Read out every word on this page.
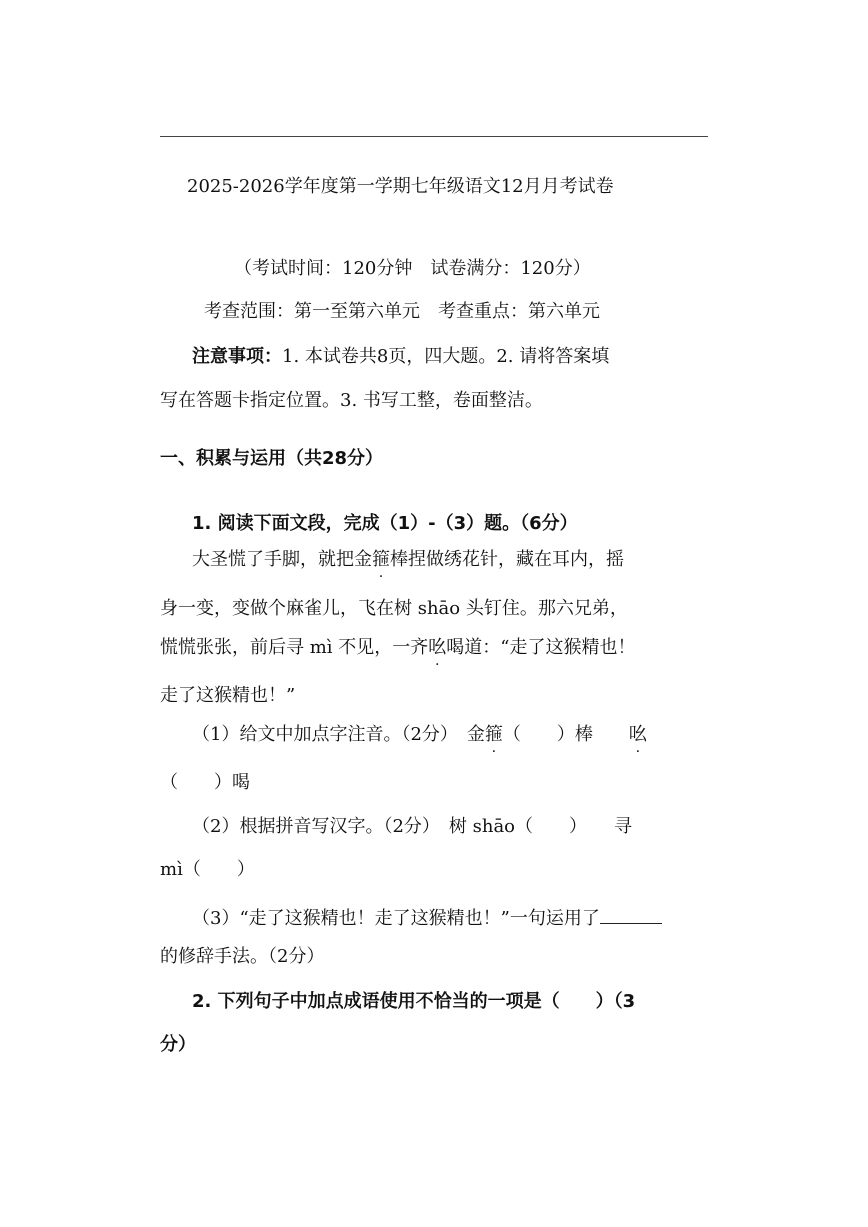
2025-2026学年度第一学期七年级语文12月月考试卷
（考试时间：120分钟　试卷满分：120分）
考查范围：第一至第六单元　考查重点：第六单元
注意事项：1. 本试卷共8页，四大题。2. 请将答案填
写在答题卡指定位置。3. 书写工整，卷面整洁。
一、积累与运用（共28分）
1. 阅读下面文段，完成（1）-（3）题。（6分）
大圣慌了手脚，就把金箍棒捏做绣花针，藏在耳内，摇
身一变，变做个麻雀儿，飞在树 shāo 头钉住。那六兄弟，
慌慌张张，前后寻 mì 不见，一齐吆喝道：“走了这猴精也！
走了这猴精也！”
（1）给文中加点字注音。（2分）　金箍（　　）棒　　吆
（　　）喝
（2）根据拼音写汉字。（2分）　树 shāo（　　）　　寻
mì（　　）
（3）“走了这猴精也！走了这猴精也！”一句运用了
的修辞手法。（2分）
2. 下列句子中加点成语使用不恰当的一项是（　　）（3
分）
